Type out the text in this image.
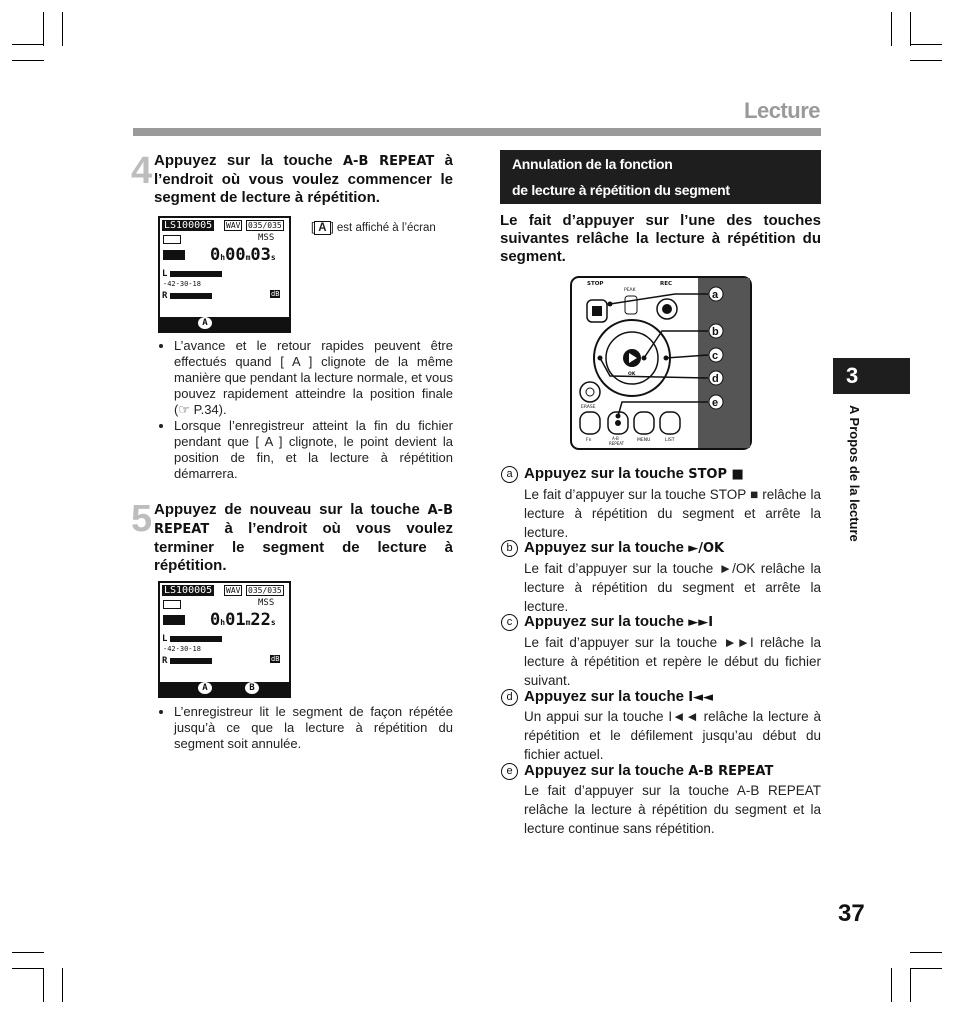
Lecture
4 Appuyez sur la touche A-B REPEAT à l’endroit où vous voulez commencer le segment de lecture à répétition.
LS100005 WAV 035/035
MSS
0h00m03s
L
-42-30-18
dB
R
A
[ A ] est affiché à l’écran
• L’avance et le retour rapides peuvent être effectués quand [ A ] clignote de la même manière que pendant la lecture normale, et vous pouvez rapidement atteindre la position finale (☞ P.34).
• Lorsque l’enregistreur atteint la fin du fichier pendant que [ A ] clignote, le point devient la position de fin, et la lecture à répétition démarrera.
5 Appuyez de nouveau sur la touche A-B REPEAT à l’endroit où vous voulez terminer le segment de lecture à répétition.
LS100005 WAV 035/035
MSS
0h01m22s
L
-42-30-18
dB
R
A	B
• L’enregistreur lit le segment de façon répétée jusqu’à ce que la lecture à répétition du segment soit annulée.
Annulation de la fonction
de lecture à répétition du segment
Le fait d’appuyer sur l’une des touches suivantes relâche la lecture à répétition du segment.
STOP
PEAK
REC
OK
ERASE
Fn	A-B
REPEAT
MENU	LIST
a
b
c
d
e
a Appuyez sur la touche STOP ■
Le fait d’appuyer sur la touche STOP ■ relâche la lecture à répétition du segment et arrête la lecture.
b Appuyez sur la touche ►/OK
Le fait d’appuyer sur la touche ►/OK relâche la lecture à répétition du segment et arrête la lecture.
c Appuyez sur la touche ►►I
Le fait d’appuyer sur la touche ►►I relâche la lecture à répétition et repère le début du fichier suivant.
d Appuyez sur la touche I◄◄
Un appui sur la touche I◄◄ relâche la lecture à répétition et le défilement jusqu’au début du fichier actuel.
e Appuyez sur la touche A-B REPEAT
Le fait d’appuyer sur la touche A-B REPEAT relâche la lecture à répétition du segment et la lecture continue sans répétition.
3
A Propos de la lecture
37
